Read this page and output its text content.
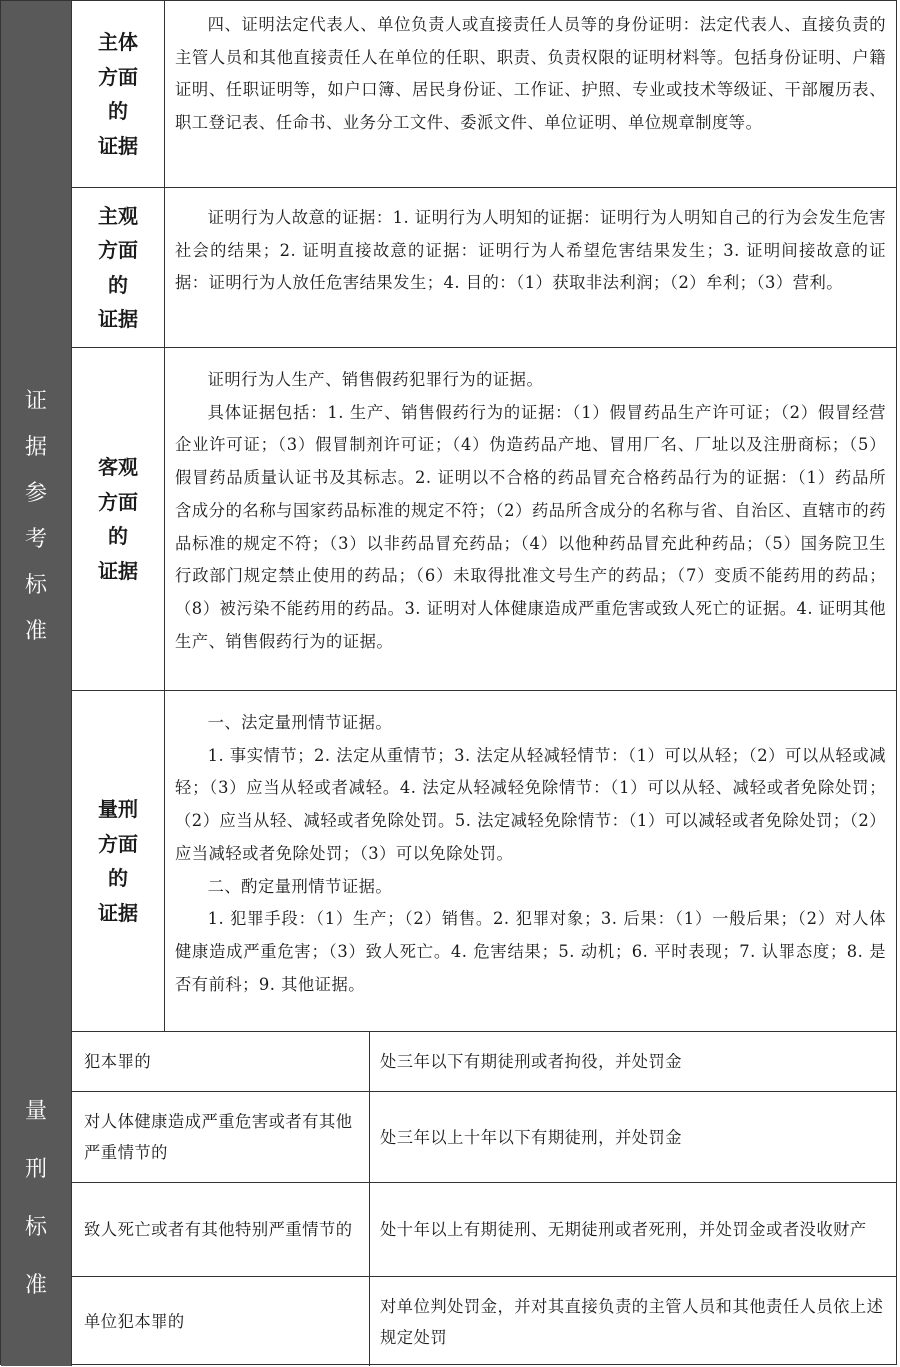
证
据
参
考
标
准
主体
方面
的
证据

四、证明法定代表人、单位负责人或直接责任人员等的身份证明：法定代表人、直接负责的主管人员和其他直接责任人在单位的任职、职责、负责权限的证明材料等。包括身份证明、户籍证明、任职证明等，如户口簿、居民身份证、工作证、护照、专业或技术等级证、干部履历表、职工登记表、任命书、业务分工文件、委派文件、单位证明、单位规章制度等。

主观
方面
的
证据

证明行为人故意的证据：1. 证明行为人明知的证据：证明行为人明知自己的行为会发生危害社会的结果；2. 证明直接故意的证据：证明行为人希望危害结果发生；3. 证明间接故意的证据：证明行为人放任危害结果发生；4. 目的：（1）获取非法利润；（2）牟利；（3）营利。

客观
方面
的
证据

证明行为人生产、销售假药犯罪行为的证据。

具体证据包括：1. 生产、销售假药行为的证据：（1）假冒药品生产许可证；（2）假冒经营企业许可证；（3）假冒制剂许可证；（4）伪造药品产地、冒用厂名、厂址以及注册商标；（5）假冒药品质量认证书及其标志。2. 证明以不合格的药品冒充合格药品行为的证据：（1）药品所含成分的名称与国家药品标准的规定不符；（2）药品所含成分的名称与省、自治区、直辖市的药品标准的规定不符；（3）以非药品冒充药品；（4）以他种药品冒充此种药品；（5）国务院卫生行政部门规定禁止使用的药品；（6）未取得批准文号生产的药品；（7）变质不能药用的药品；（8）被污染不能药用的药品。3. 证明对人体健康造成严重危害或致人死亡的证据。4. 证明其他生产、销售假药行为的证据。

量刑
方面
的
证据

一、法定量刑情节证据。

1. 事实情节；2. 法定从重情节；3. 法定从轻减轻情节：（1）可以从轻；（2）可以从轻或减轻；（3）应当从轻或者减轻。4. 法定从轻减轻免除情节：（1）可以从轻、减轻或者免除处罚；（2）应当从轻、减轻或者免除处罚。5. 法定减轻免除情节：（1）可以减轻或者免除处罚；（2）应当减轻或者免除处罚；（3）可以免除处罚。

二、酌定量刑情节证据。

1. 犯罪手段：（1）生产；（2）销售。2. 犯罪对象；3. 后果：（1）一般后果；（2）对人体健康造成严重危害；（3）致人死亡。4. 危害结果；5. 动机；6. 平时表现；7. 认罪态度；8. 是否有前科；9. 其他证据。

量
刑
标
准
犯本罪的	处三年以下有期徒刑或者拘役，并处罚金
对人体健康造成严重危害或者有其他严重情节的
处三年以上十年以下有期徒刑，并处罚金
致人死亡或者有其他特别严重情节的	处十年以上有期徒刑、无期徒刑或者死刑，并处罚金或者没收财产
单位犯本罪的
对单位判处罚金，并对其直接负责的主管人员和其他责任人员依上述规定处罚
